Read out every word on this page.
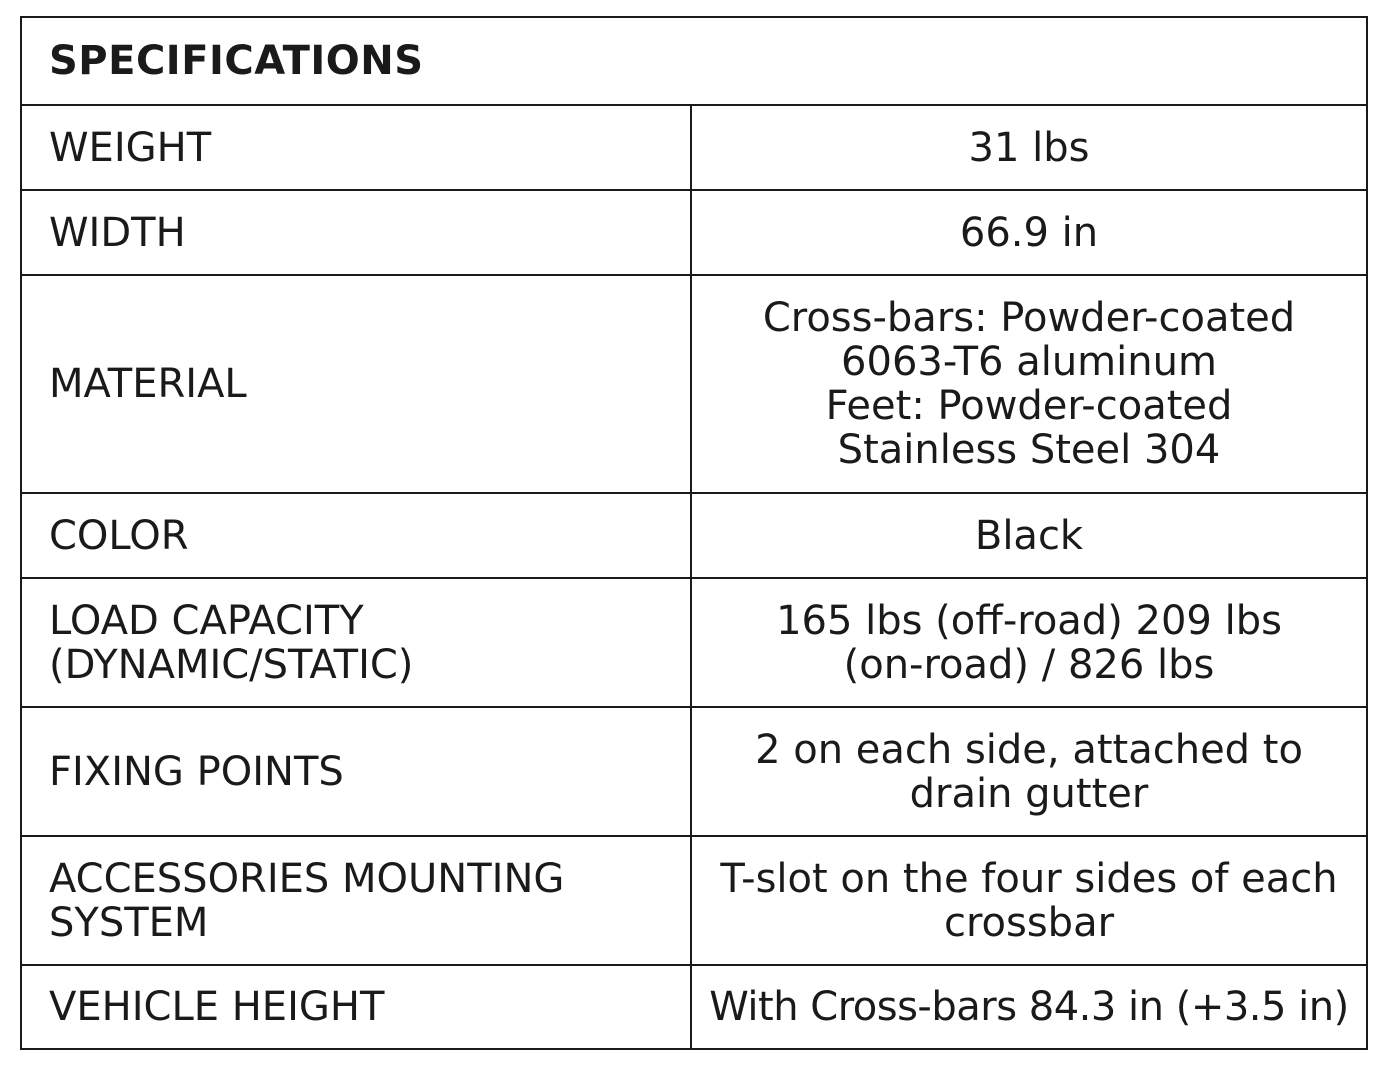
SPECIFICATIONS	
WEIGHT	31 lbs
WIDTH	66.9 in
MATERIAL	Cross-bars: Powder-coated
6063-T6 aluminum
Feet: Powder-coated
Stainless Steel 304
COLOR	Black
LOAD CAPACITY
(DYNAMIC/STATIC)	165 lbs (off-road) 209 lbs
(on-road) / 826 lbs
FIXING POINTS	2 on each side, attached to
drain gutter
ACCESSORIES MOUNTING
SYSTEM	T-slot on the four sides of each
crossbar
VEHICLE HEIGHT	With Cross-bars 84.3 in (+3.5 in)
